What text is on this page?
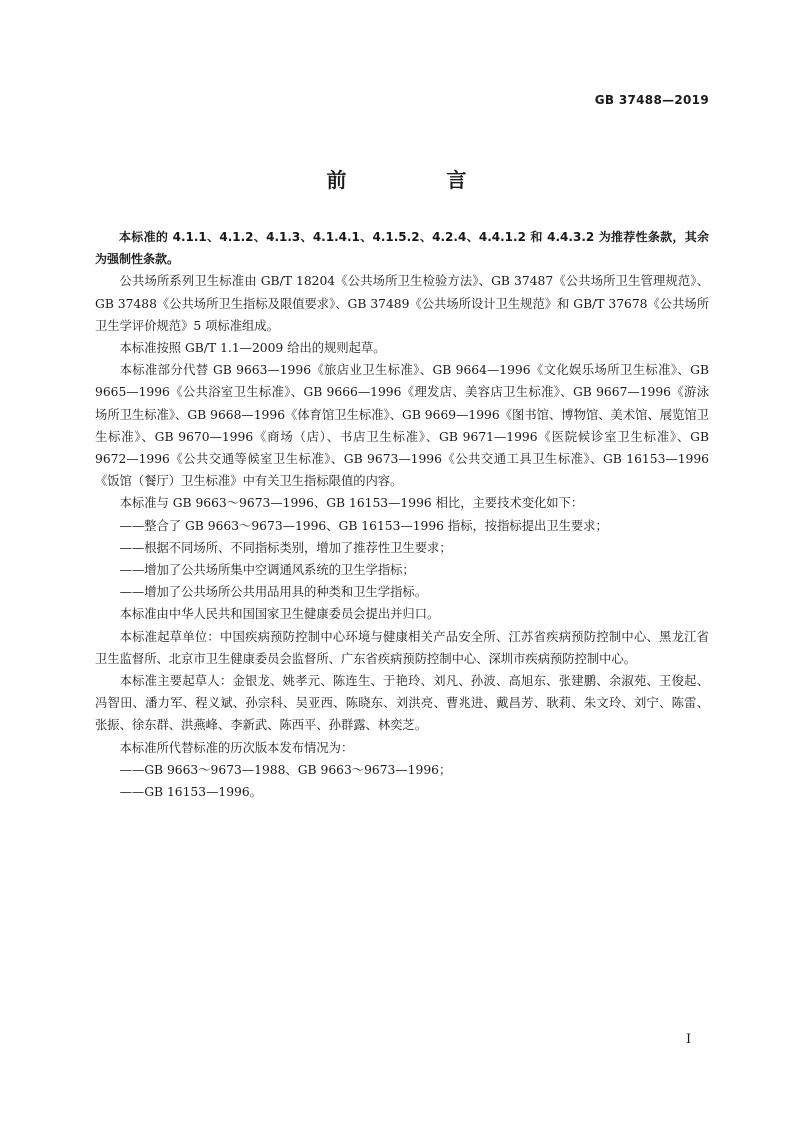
GB 37488—2019
前　言

本标准的 4.1.1、4.1.2、4.1.3、4.1.4.1、4.1.5.2、4.2.4、4.4.1.2 和 4.4.3.2 为推荐性条款，其余为强制性条款。

公共场所系列卫生标准由 GB/T 18204《公共场所卫生检验方法》、GB 37487《公共场所卫生管理规范》、GB 37488《公共场所卫生指标及限值要求》、GB 37489《公共场所设计卫生规范》和 GB/T 37678《公共场所卫生学评价规范》5 项标准组成。

本标准按照 GB/T 1.1—2009 给出的规则起草。

本标准部分代替 GB 9663—1996《旅店业卫生标准》、GB 9664—1996《文化娱乐场所卫生标准》、GB 9665—1996《公共浴室卫生标准》、GB 9666—1996《理发店、美容店卫生标准》、GB 9667—1996《游泳场所卫生标准》、GB 9668—1996《体育馆卫生标准》、GB 9669—1996《图书馆、博物馆、美术馆、展览馆卫生标准》、GB 9670—1996《商场（店）、书店卫生标准》、GB 9671—1996《医院候诊室卫生标准》、GB 9672—1996《公共交通等候室卫生标准》、GB 9673—1996《公共交通工具卫生标准》、GB 16153—1996《饭馆（餐厅）卫生标准》中有关卫生指标限值的内容。

本标准与 GB 9663～9673—1996、GB 16153—1996 相比，主要技术变化如下：

——整合了 GB 9663～9673—1996、GB 16153—1996 指标，按指标提出卫生要求；

——根据不同场所、不同指标类别，增加了推荐性卫生要求；

——增加了公共场所集中空调通风系统的卫生学指标；

——增加了公共场所公共用品用具的种类和卫生学指标。

本标准由中华人民共和国国家卫生健康委员会提出并归口。

本标准起草单位：中国疾病预防控制中心环境与健康相关产品安全所、江苏省疾病预防控制中心、黑龙江省卫生监督所、北京市卫生健康委员会监督所、广东省疾病预防控制中心、深圳市疾病预防控制中心。

本标准主要起草人：金银龙、姚孝元、陈连生、于艳玲、刘凡、孙波、高旭东、张建鹏、余淑苑、王俊起、冯智田、潘力军、程义斌、孙宗科、吴亚西、陈晓东、刘洪亮、曹兆进、戴昌芳、耿莉、朱文玲、刘宁、陈雷、张振、徐东群、洪燕峰、李新武、陈西平、孙群露、林奕芝。

本标准所代替标准的历次版本发布情况为：

——GB 9663～9673—1988、GB 9663～9673—1996；

——GB 16153—1996。

I
